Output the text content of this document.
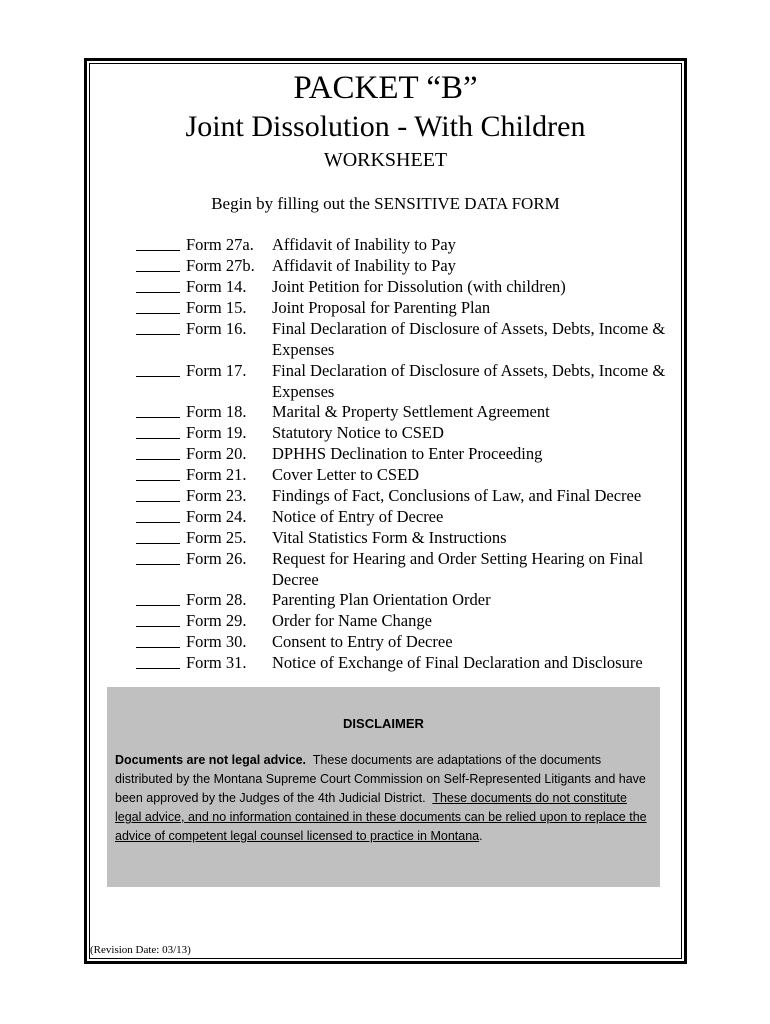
PACKET “B”
Joint Dissolution - With Children
WORKSHEET
Begin by filling out the SENSITIVE DATA FORM
Form 27a. Affidavit of Inability to Pay
Form 27b. Affidavit of Inability to Pay
Form 14. Joint Petition for Dissolution (with children)
Form 15. Joint Proposal for Parenting Plan
Form 16. Final Declaration of Disclosure of Assets, Debts, Income & Expenses
Form 17. Final Declaration of Disclosure of Assets, Debts, Income & Expenses
Form 18. Marital & Property Settlement Agreement
Form 19. Statutory Notice to CSED
Form 20. DPHHS Declination to Enter Proceeding
Form 21. Cover Letter to CSED
Form 23. Findings of Fact, Conclusions of Law, and Final Decree
Form 24. Notice of Entry of Decree
Form 25. Vital Statistics Form & Instructions
Form 26. Request for Hearing and Order Setting Hearing on Final Decree
Form 28. Parenting Plan Orientation Order
Form 29. Order for Name Change
Form 30. Consent to Entry of Decree
Form 31. Notice of Exchange of Final Declaration and Disclosure
DISCLAIMER
Documents are not legal advice. These documents are adaptations of the documents distributed by the Montana Supreme Court Commission on Self-Represented Litigants and have been approved by the Judges of the 4th Judicial District. These documents do not constitute legal advice, and no information contained in these documents can be relied upon to replace the advice of competent legal counsel licensed to practice in Montana.
(Revision Date: 03/13)
